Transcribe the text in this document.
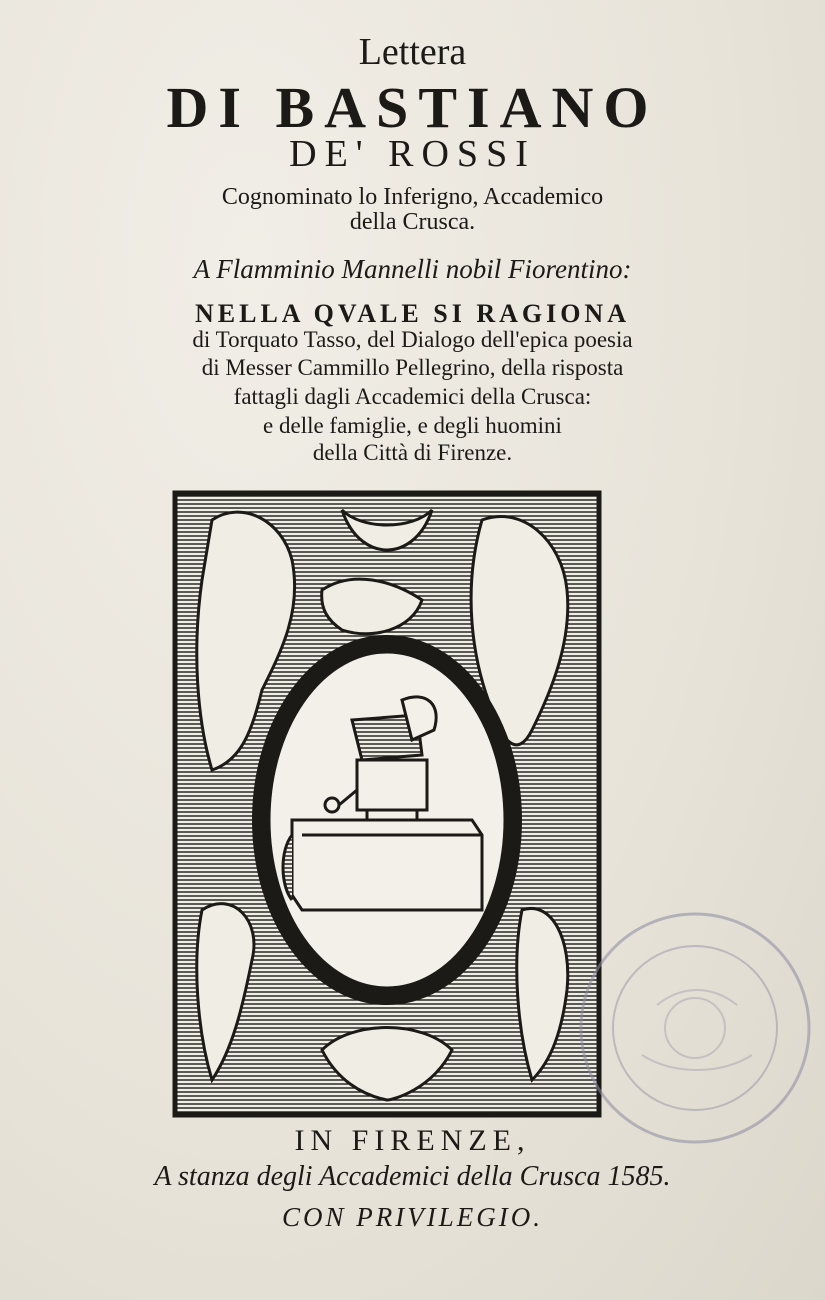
Lettera
DI BASTIANO
DE' ROSSI
Cognominato lo Inferigno, Accademico
della Crusca.
A Flamminio Mannelli nobil Fiorentino:
NELLA QVALE SI RAGIONA
di Torquato Tasso, del Dialogo dell'epica poesia
di Messer Cammillo Pellegrino, della risposta
fattagli dagli Accademici della Crusca:
e delle famiglie, e degli huomini
della Città di Firenze.
IN FIRENZE,
A stanza degli Accademici della Crusca 1585.
CON PRIVILEGIO.
